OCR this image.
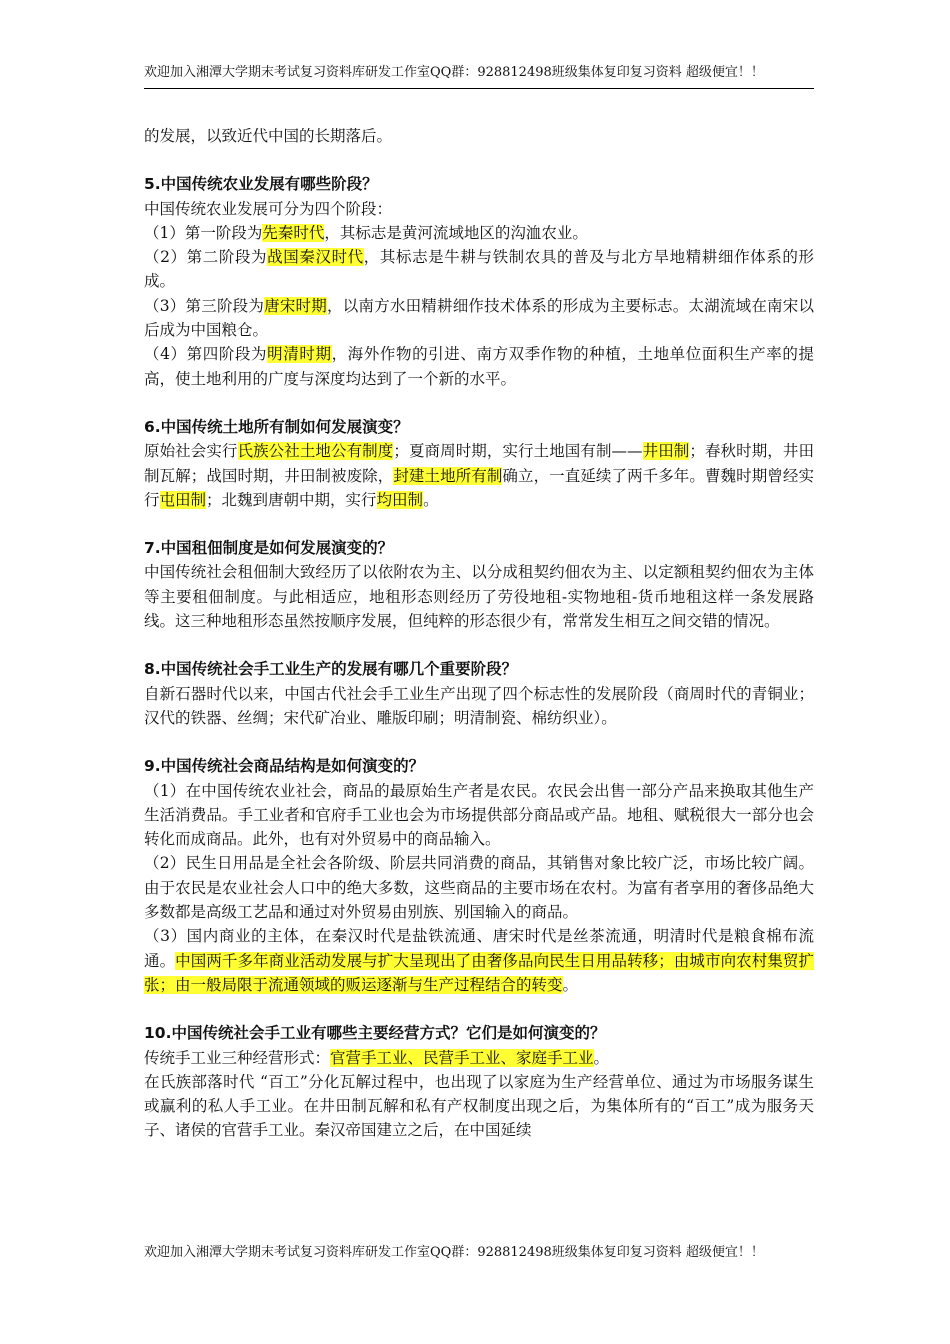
欢迎加入湘潭大学期末考试复习资料库研发工作室QQ群：928812498班级集体复印复习资料 超级便宜！！

的发展，以致近代中国的长期落后。

5.中国传统农业发展有哪些阶段？

中国传统农业发展可分为四个阶段：

（1）第一阶段为先秦时代，其标志是黄河流域地区的沟洫农业。

（2）第二阶段为战国秦汉时代，其标志是牛耕与铁制农具的普及与北方旱地精耕细作体系的形成。

（3）第三阶段为唐宋时期，以南方水田精耕细作技术体系的形成为主要标志。太湖流域在南宋以后成为中国粮仓。

（4）第四阶段为明清时期，海外作物的引进、南方双季作物的种植，土地单位面积生产率的提高，使土地利用的广度与深度均达到了一个新的水平。

6.中国传统土地所有制如何发展演变？

原始社会实行氏族公社土地公有制度；夏商周时期，实行土地国有制——井田制；春秋时期，井田制瓦解；战国时期，井田制被废除，封建土地所有制确立，一直延续了两千多年。曹魏时期曾经实行屯田制；北魏到唐朝中期，实行均田制。

7.中国租佃制度是如何发展演变的？

中国传统社会租佃制大致经历了以依附农为主、以分成租契约佃农为主、以定额租契约佃农为主体等主要租佃制度。与此相适应，地租形态则经历了劳役地租-实物地租-货币地租这样一条发展路线。这三种地租形态虽然按顺序发展，但纯粹的形态很少有，常常发生相互之间交错的情况。

8.中国传统社会手工业生产的发展有哪几个重要阶段？

自新石器时代以来，中国古代社会手工业生产出现了四个标志性的发展阶段（商周时代的青铜业；汉代的铁器、丝绸；宋代矿冶业、雕版印刷；明清制瓷、棉纺织业）。

9.中国传统社会商品结构是如何演变的？

（1）在中国传统农业社会，商品的最原始生产者是农民。农民会出售一部分产品来换取其他生产生活消费品。手工业者和官府手工业也会为市场提供部分商品或产品。地租、赋税很大一部分也会转化而成商品。此外，也有对外贸易中的商品输入。

（2）民生日用品是全社会各阶级、阶层共同消费的商品，其销售对象比较广泛，市场比较广阔。由于农民是农业社会人口中的绝大多数，这些商品的主要市场在农村。为富有者享用的奢侈品绝大多数都是高级工艺品和通过对外贸易由别族、别国输入的商品。

（3）国内商业的主体，在秦汉时代是盐铁流通、唐宋时代是丝茶流通，明清时代是粮食棉布流通。中国两千多年商业活动发展与扩大呈现出了由奢侈品向民生日用品转移；由城市向农村集贸扩张；由一般局限于流通领域的贩运逐渐与生产过程结合的转变。

10.中国传统社会手工业有哪些主要经营方式？它们是如何演变的？

传统手工业三种经营形式：官营手工业、民营手工业、家庭手工业。

在氏族部落时代 “百工”分化瓦解过程中，也出现了以家庭为生产经营单位、通过为市场服务谋生或赢利的私人手工业。在井田制瓦解和私有产权制度出现之后，为集体所有的“百工”成为服务天子、诸侯的官营手工业。秦汉帝国建立之后，在中国延续

欢迎加入湘潭大学期末考试复习资料库研发工作室QQ群：928812498班级集体复印复习资料 超级便宜！！
